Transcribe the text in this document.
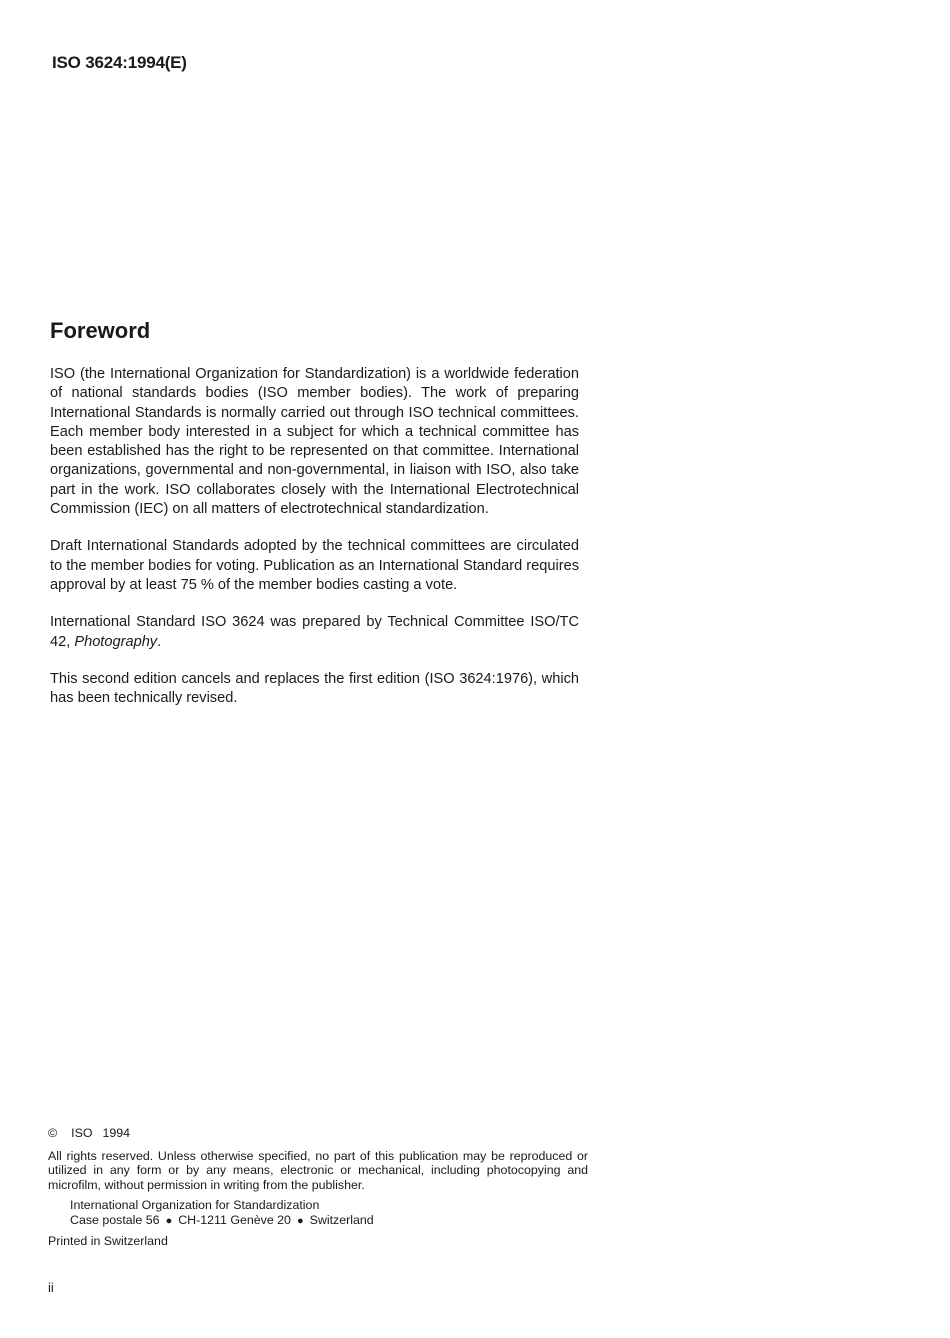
ISO 3624:1994(E)
Foreword

ISO (the International Organization for Standardization) is a worldwide federation of national standards bodies (ISO member bodies). The work of preparing International Standards is normally carried out through ISO technical committees. Each member body interested in a subject for which a technical committee has been established has the right to be represented on that committee. International organizations, governmental and non-governmental, in liaison with ISO, also take part in the work. ISO collaborates closely with the International Electrotechnical Commission (IEC) on all matters of electrotechnical standardization.

Draft International Standards adopted by the technical committees are circulated to the member bodies for voting. Publication as an International Standard requires approval by at least 75 % of the member bodies casting a vote.

International Standard ISO 3624 was prepared by Technical Committee ISO/TC 42, Photography.

This second edition cancels and replaces the first edition (ISO 3624:1976), which has been technically revised.

© ISO 1994
All rights reserved. Unless otherwise specified, no part of this publication may be reproduced or utilized in any form or by any means, electronic or mechanical, including photocopying and microfilm, without permission in writing from the publisher.
International Organization for Standardization
Case postale 56 ● CH-1211 Genève 20 ● Switzerland
Printed in Switzerland
ii
